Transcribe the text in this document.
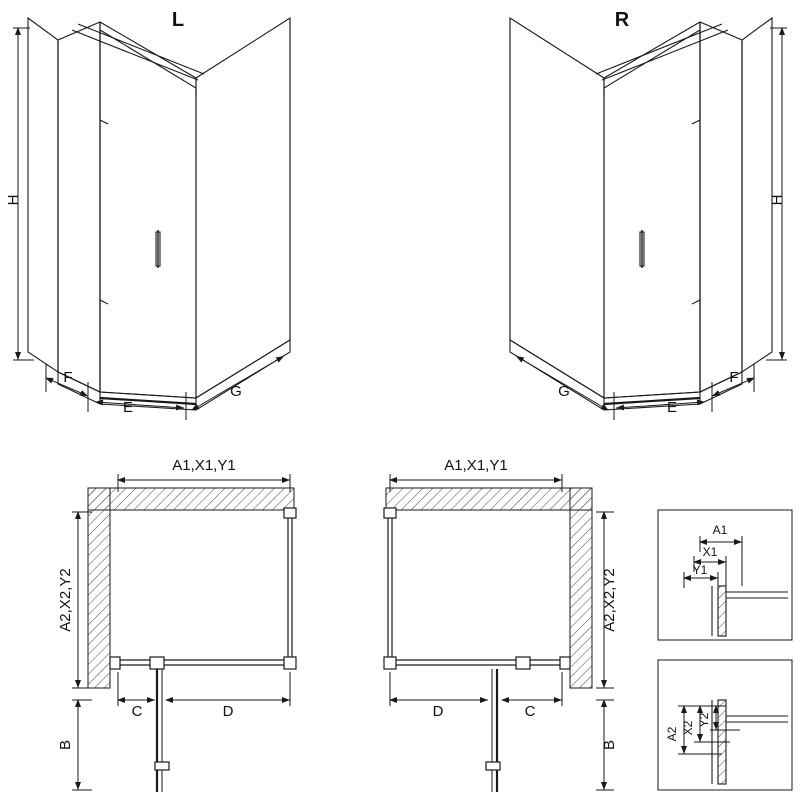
H
F
E
G
L
H
F
E
G
R
A1,X1,Y1
A2,X2,Y2
C	D
B
A1,X1,Y1
A2,X2,Y2
D	C
B
A1
X1
Y1
A2 X2
Y2
